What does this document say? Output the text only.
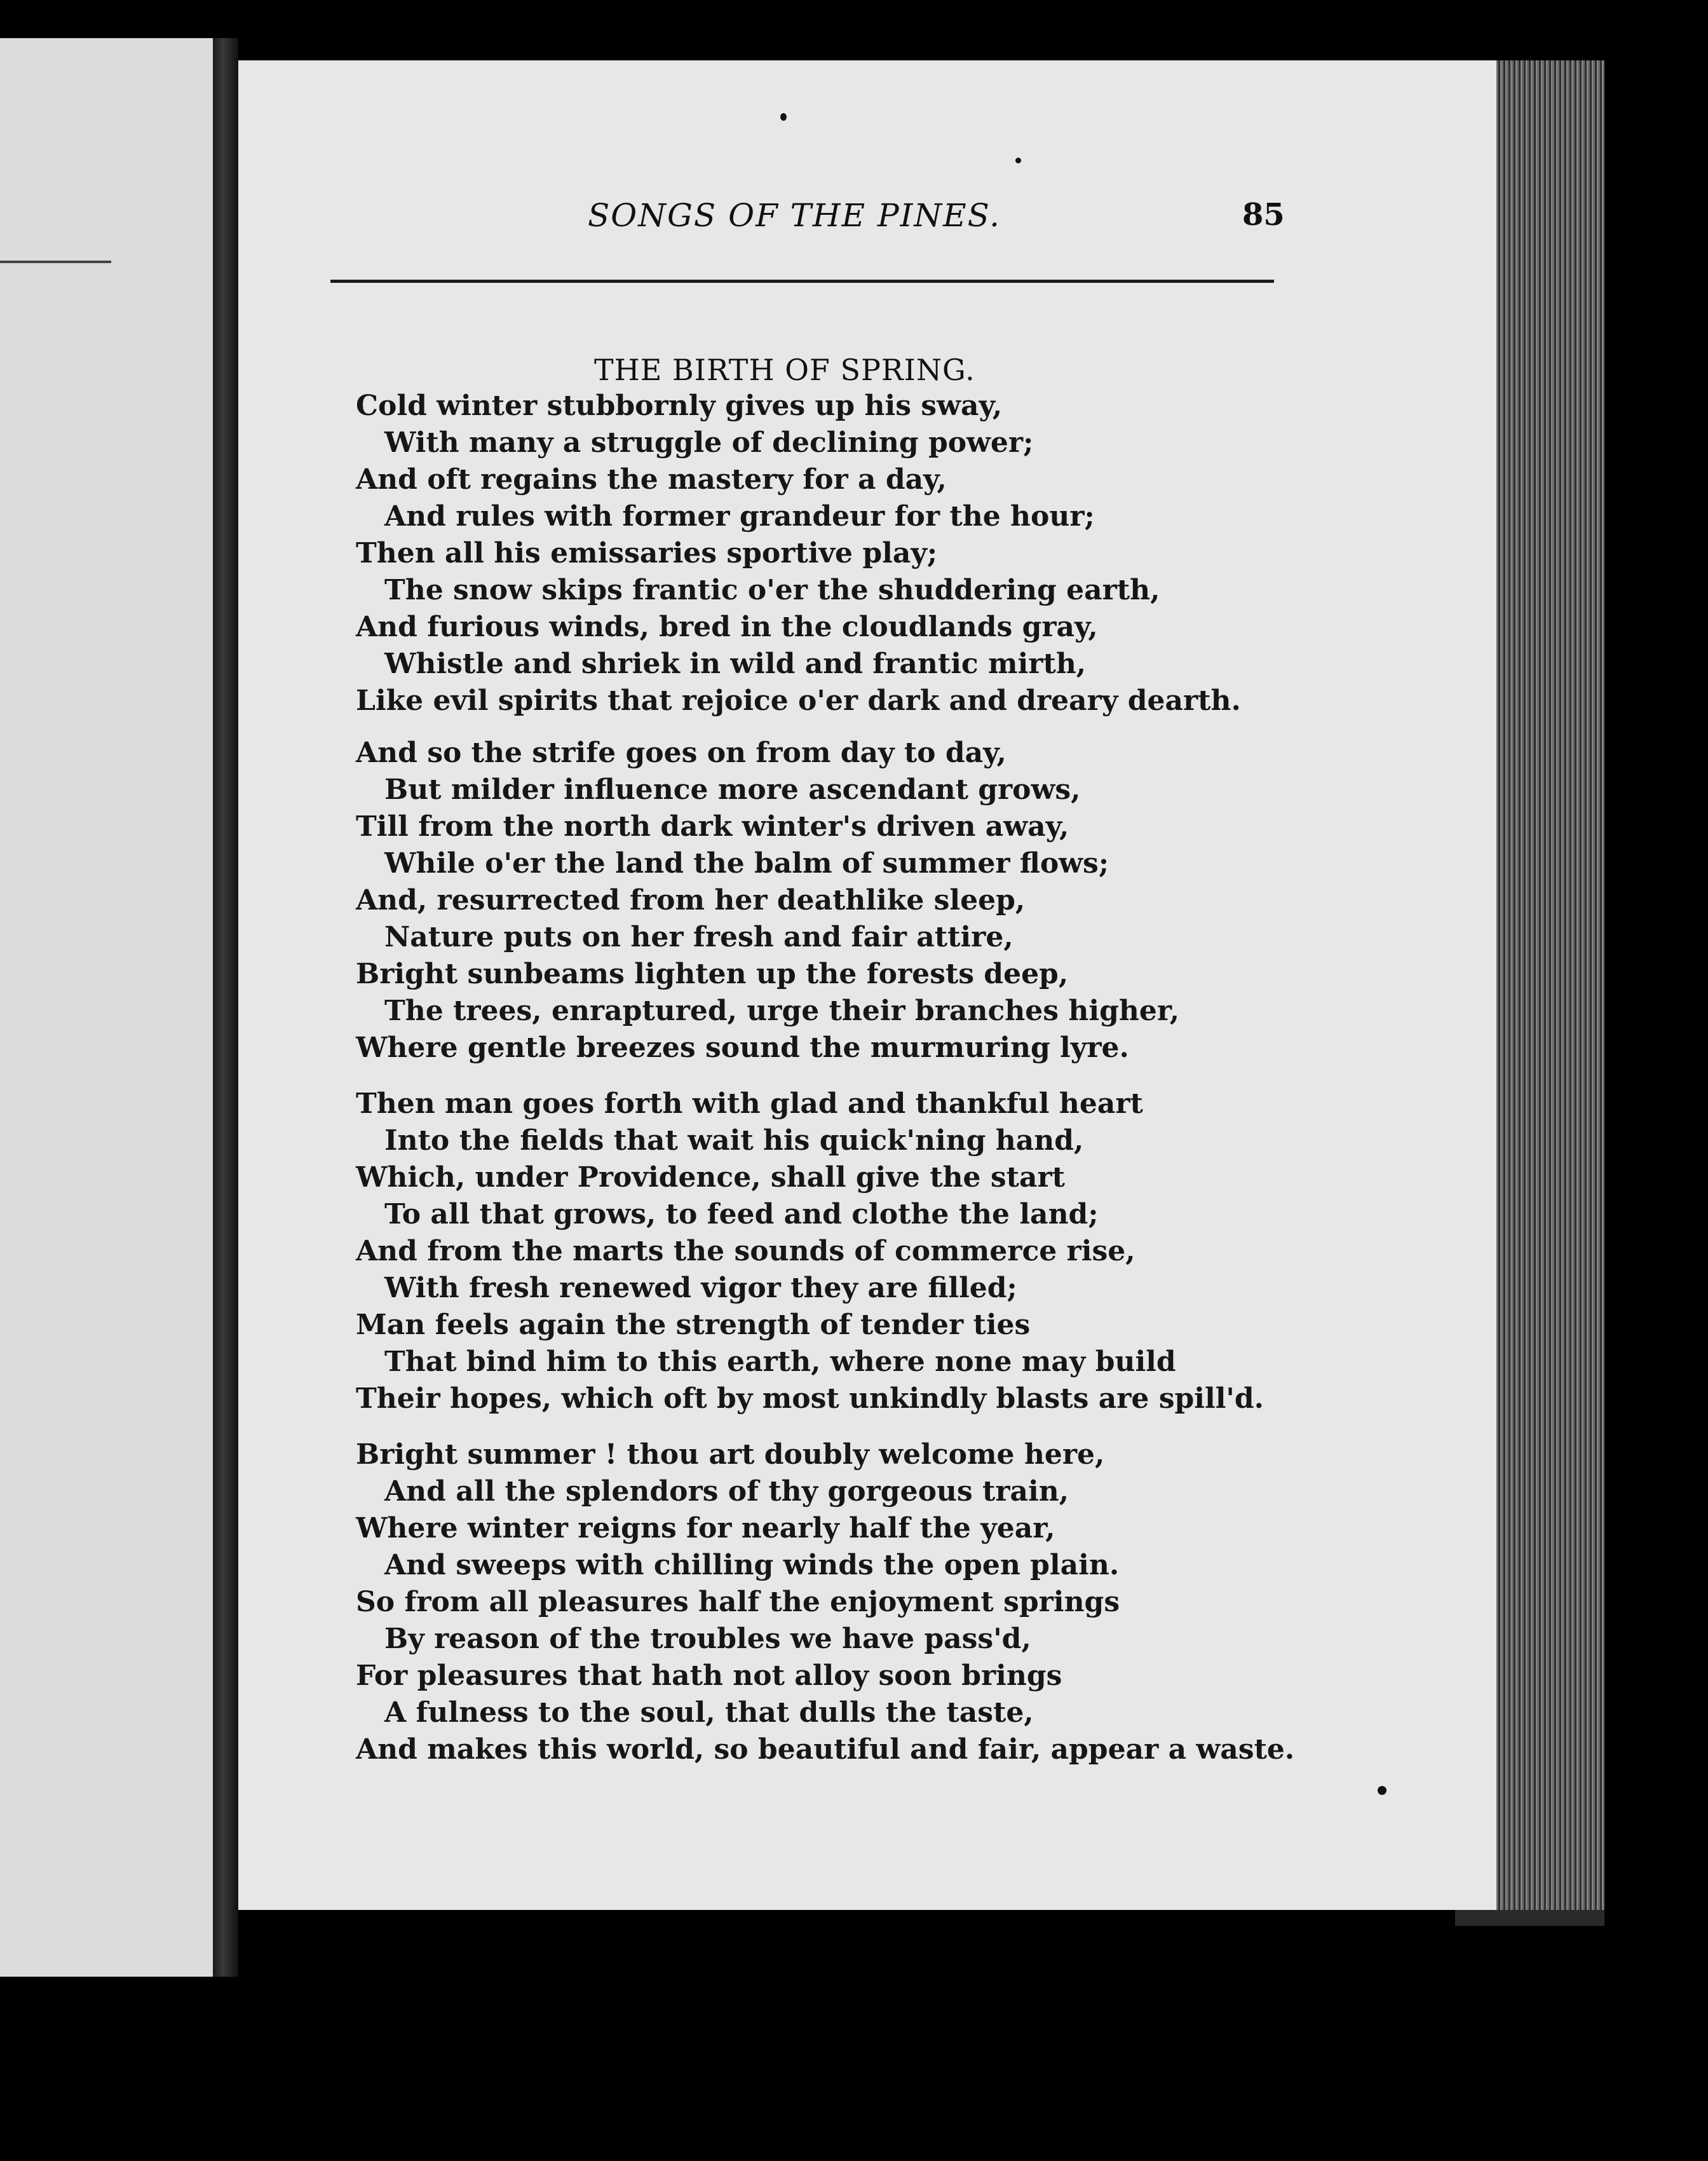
SONGS OF THE PINES.	85
THE BIRTH OF SPRING.
Cold winter stubbornly gives up his sway,
With many a struggle of declining power;
And oft regains the mastery for a day,
And rules with former grandeur for the hour;
Then all his emissaries sportive play;
The snow skips frantic o'er the shuddering earth,
And furious winds, bred in the cloudlands gray,
Whistle and shriek in wild and frantic mirth,
Like evil spirits that rejoice o'er dark and dreary dearth.
And so the strife goes on from day to day,
But milder influence more ascendant grows,
Till from the north dark winter's driven away,
While o'er the land the balm of summer flows;
And, resurrected from her deathlike sleep,
Nature puts on her fresh and fair attire,
Bright sunbeams lighten up the forests deep,
The trees, enraptured, urge their branches higher,
Where gentle breezes sound the murmuring lyre.
Then man goes forth with glad and thankful heart
Into the fields that wait his quick'ning hand,
Which, under Providence, shall give the start
To all that grows, to feed and clothe the land;
And from the marts the sounds of commerce rise,
With fresh renewed vigor they are filled;
Man feels again the strength of tender ties
That bind him to this earth, where none may build
Their hopes, which oft by most unkindly blasts are spill'd.
Bright summer ! thou art doubly welcome here,
And all the splendors of thy gorgeous train,
Where winter reigns for nearly half the year,
And sweeps with chilling winds the open plain.
So from all pleasures half the enjoyment springs
By reason of the troubles we have pass'd,
For pleasures that hath not alloy soon brings
A fulness to the soul, that dulls the taste,
And makes this world, so beautiful and fair, appear a waste.
